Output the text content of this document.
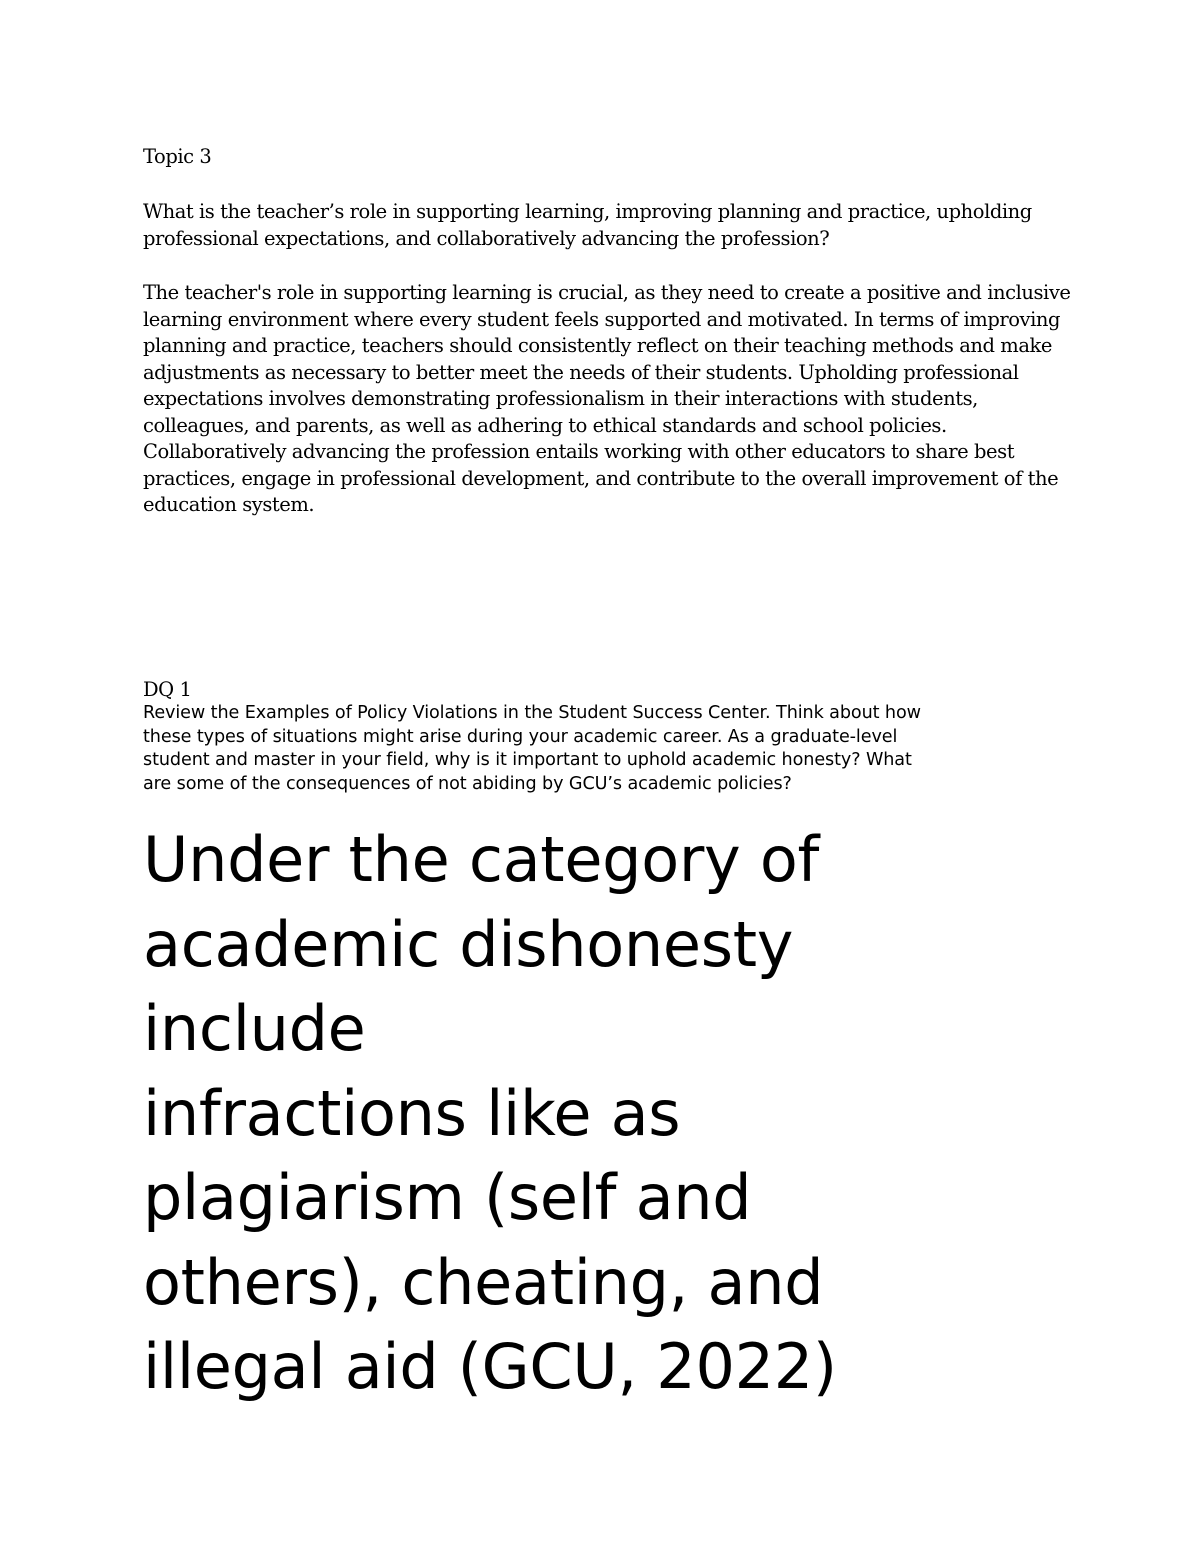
Topic 3
What is the teacher’s role in supporting learning, improving planning and practice, upholding
professional expectations, and collaboratively advancing the profession?
The teacher's role in supporting learning is crucial, as they need to create a positive and inclusive
learning environment where every student feels supported and motivated. In terms of improving
planning and practice, teachers should consistently reflect on their teaching methods and make
adjustments as necessary to better meet the needs of their students. Upholding professional
expectations involves demonstrating professionalism in their interactions with students,
colleagues, and parents, as well as adhering to ethical standards and school policies.
Collaboratively advancing the profession entails working with other educators to share best
practices, engage in professional development, and contribute to the overall improvement of the
education system.
DQ 1
Review the Examples of Policy Violations in the Student Success Center. Think about how
these types of situations might arise during your academic career. As a graduate-level
student and master in your field, why is it important to uphold academic honesty? What
are some of the consequences of not abiding by GCU’s academic policies?
Under the category of
academic dishonesty
include
infractions like as
plagiarism (self and
others), cheating, and
illegal aid (GCU, 2022)
